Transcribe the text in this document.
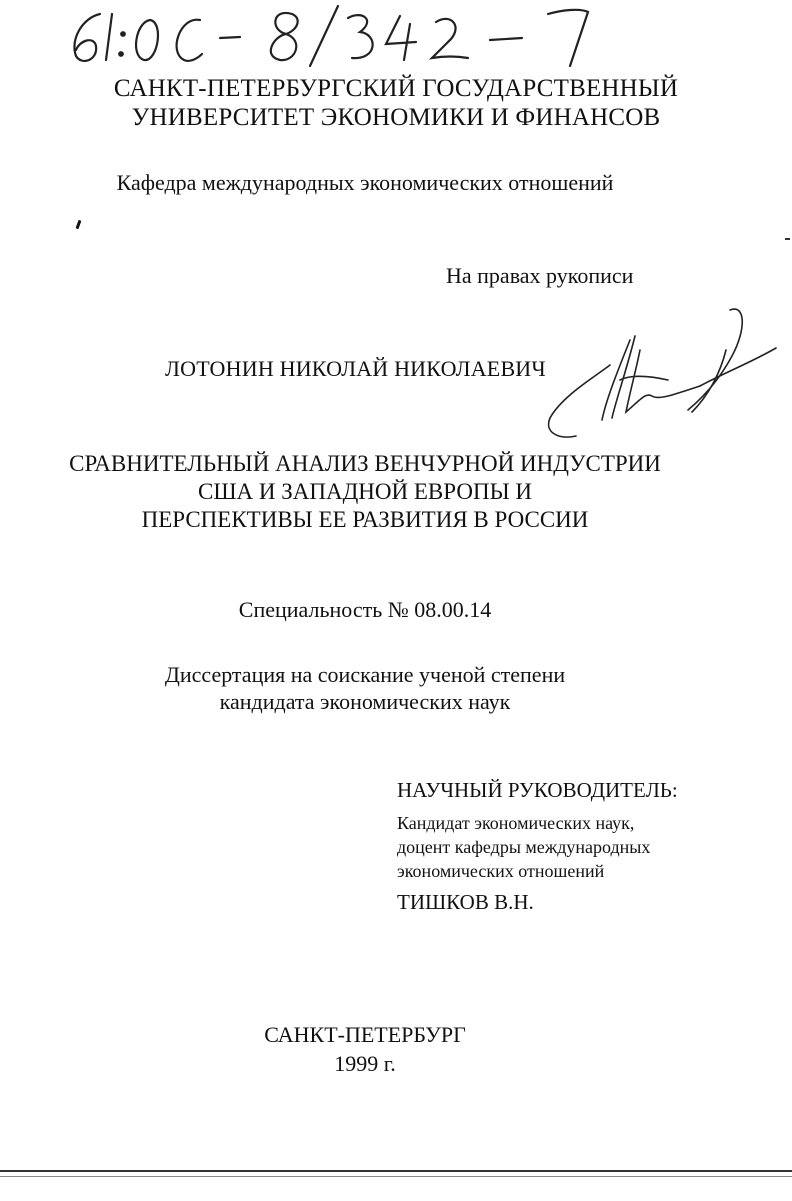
САНКТ-ПЕТЕРБУРГСКИЙ ГОСУДАРСТВЕННЫЙ
УНИВЕРСИТЕТ ЭКОНОМИКИ И ФИНАНСОВ
Кафедра международных экономических отношений
На правах рукописи
ЛОТОНИН НИКОЛАЙ НИКОЛАЕВИЧ
СРАВНИТЕЛЬНЫЙ АНАЛИЗ ВЕНЧУРНОЙ ИНДУСТРИИ
США И ЗАПАДНОЙ ЕВРОПЫ И
ПЕРСПЕКТИВЫ ЕЕ РАЗВИТИЯ В РОССИИ
Специальность № 08.00.14
Диссертация на соискание ученой степени
кандидата экономических наук
НАУЧНЫЙ РУКОВОДИТЕЛЬ:
Кандидат экономических наук,
доцент кафедры международных
экономических отношений
ТИШКОВ В.Н.
САНКТ-ПЕТЕРБУРГ
1999 г.
